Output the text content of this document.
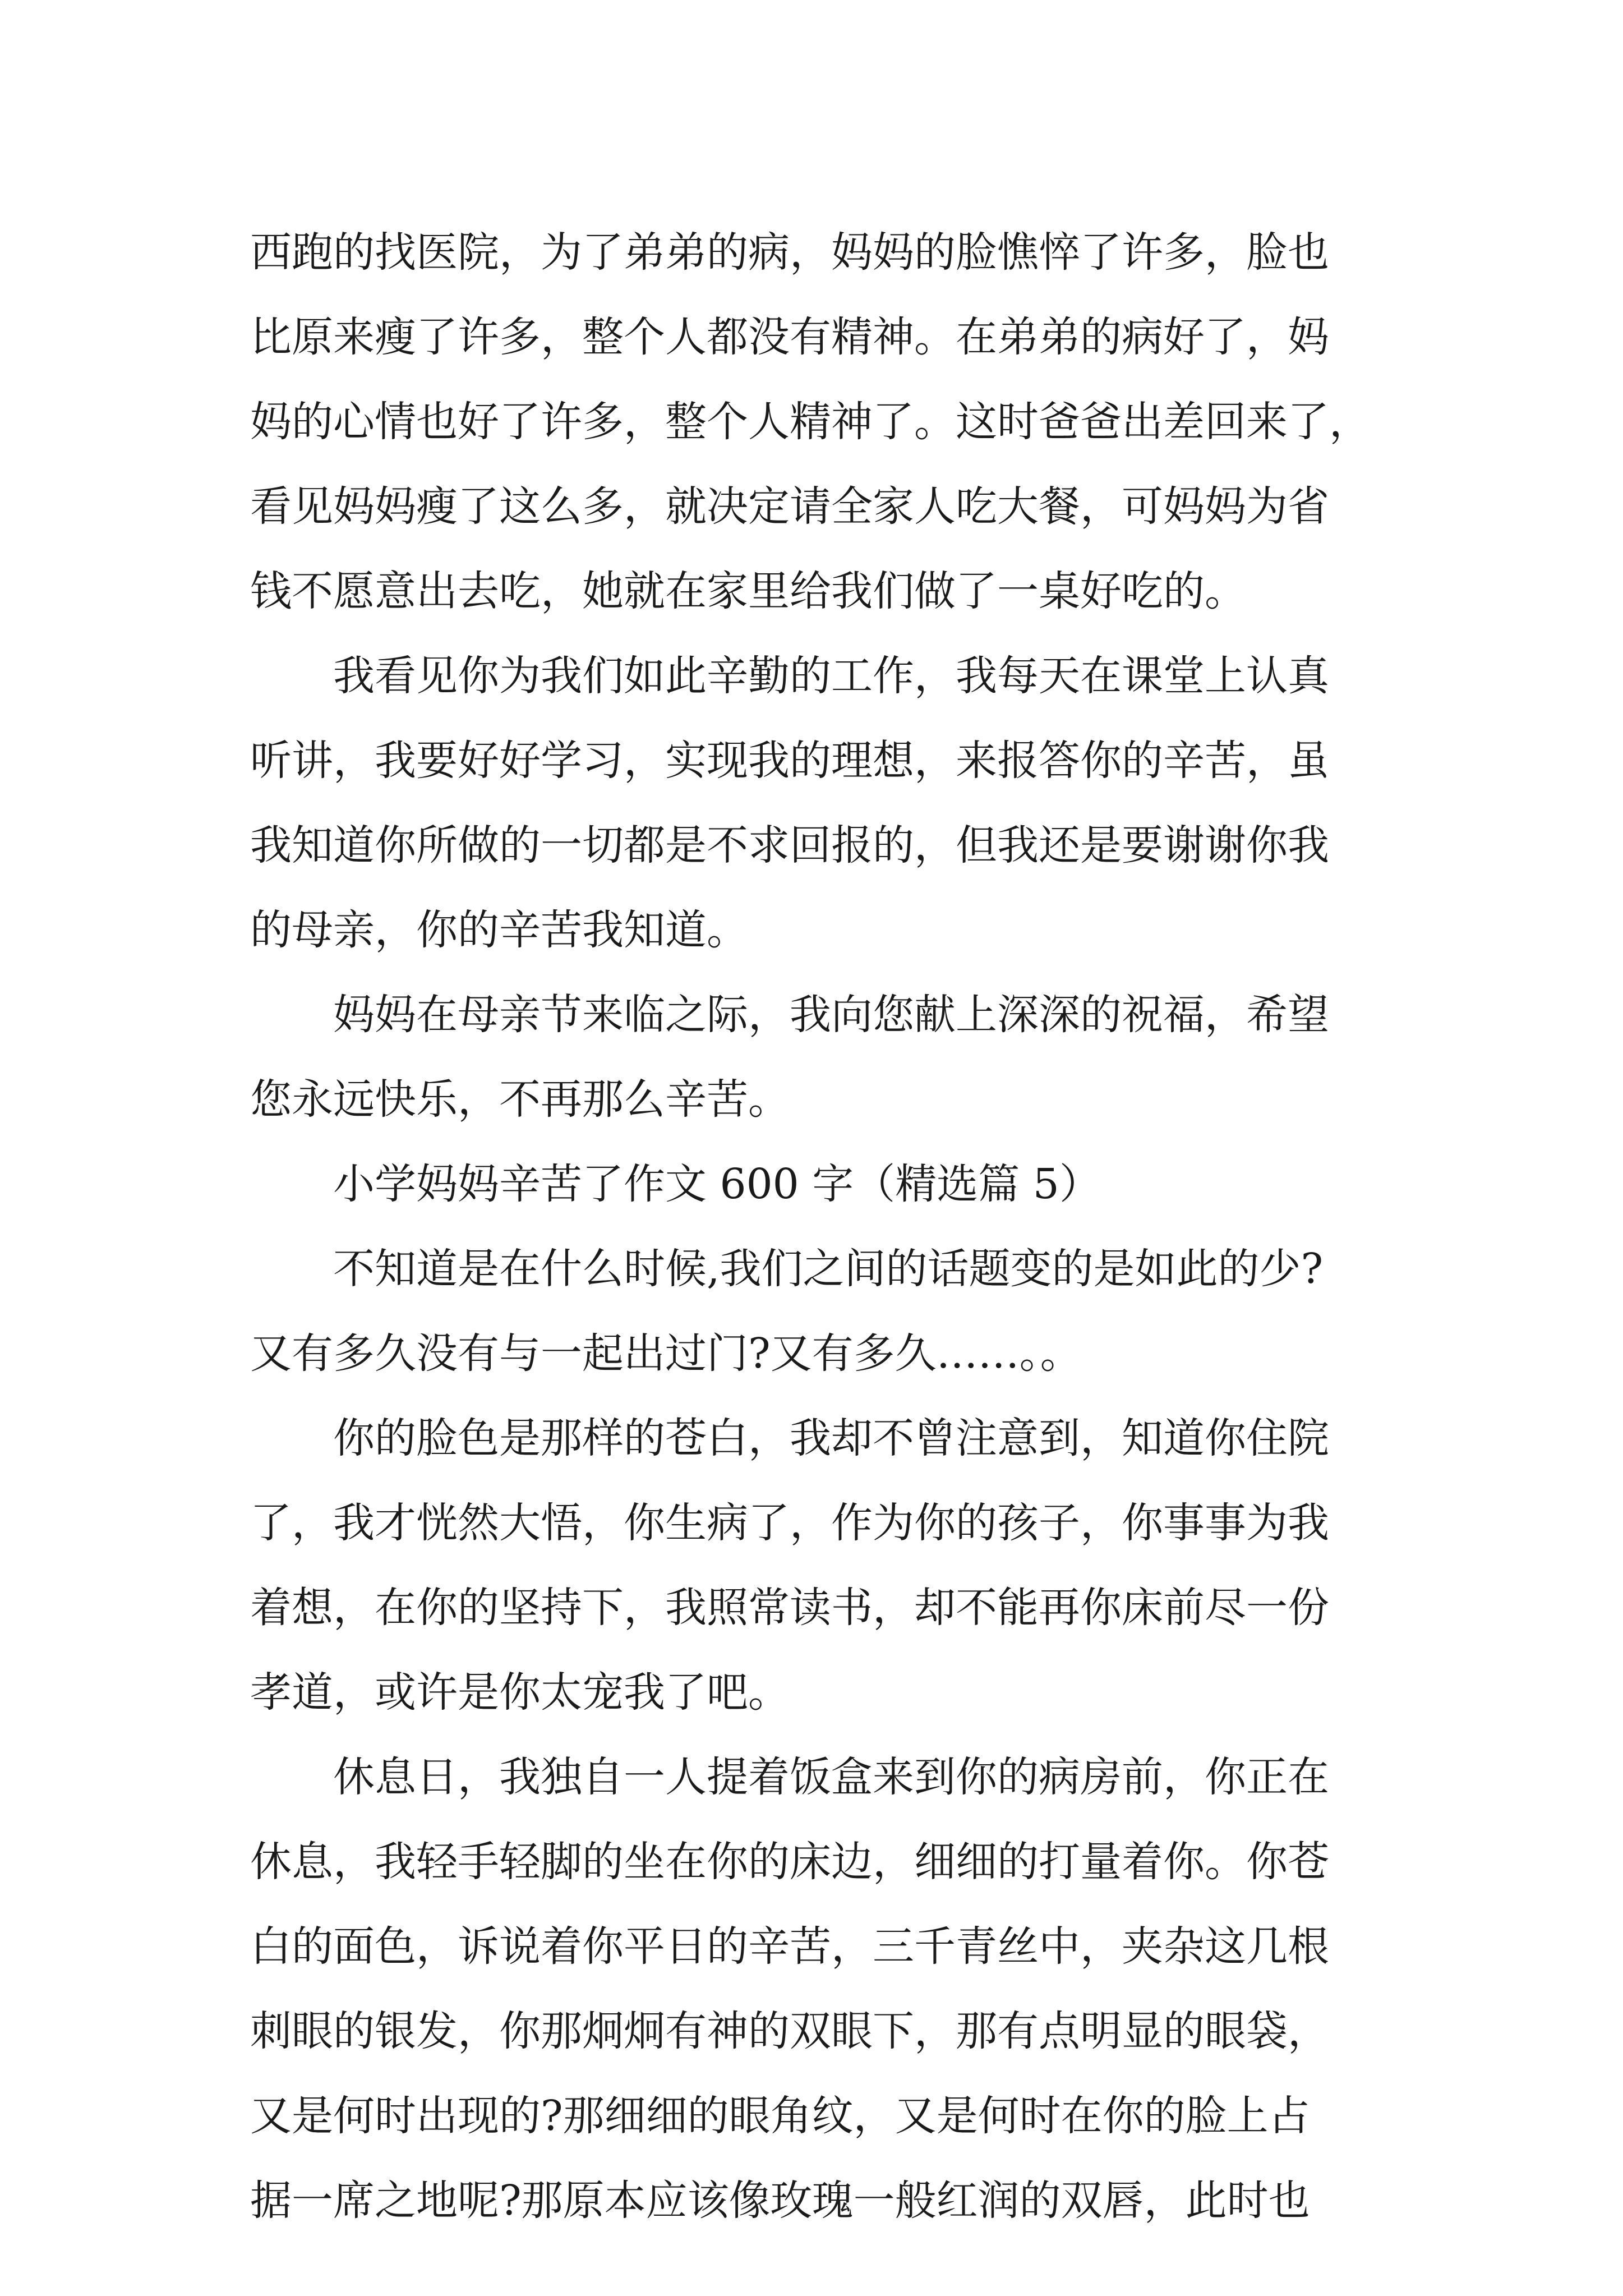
西跑的找医院，为了弟弟的病，妈妈的脸憔悴了许多，脸也
比原来瘦了许多，整个人都没有精神。在弟弟的病好了，妈
妈的心情也好了许多，整个人精神了。这时爸爸出差回来了，
看见妈妈瘦了这么多，就决定请全家人吃大餐，可妈妈为省
钱不愿意出去吃，她就在家里给我们做了一桌好吃的。
我看见你为我们如此辛勤的工作，我每天在课堂上认真
听讲，我要好好学习，实现我的理想，来报答你的辛苦，虽
我知道你所做的一切都是不求回报的，但我还是要谢谢你我
的母亲，你的辛苦我知道。
妈妈在母亲节来临之际，我向您献上深深的祝福，希望
您永远快乐，不再那么辛苦。
小学妈妈辛苦了作文 600 字（精选篇 5）
不知道是在什么时候,我们之间的话题变的是如此的少?
又有多久没有与一起出过门?又有多久……。。
你的脸色是那样的苍白，我却不曾注意到，知道你住院
了，我才恍然大悟，你生病了，作为你的孩子，你事事为我
着想，在你的坚持下，我照常读书，却不能再你床前尽一份
孝道，或许是你太宠我了吧。
休息日，我独自一人提着饭盒来到你的病房前，你正在
休息，我轻手轻脚的坐在你的床边，细细的打量着你。你苍
白的面色，诉说着你平日的辛苦，三千青丝中，夹杂这几根
刺眼的银发，你那炯炯有神的双眼下，那有点明显的眼袋，
又是何时出现的?那细细的眼角纹，又是何时在你的脸上占
据一席之地呢?那原本应该像玫瑰一般红润的双唇，此时也
